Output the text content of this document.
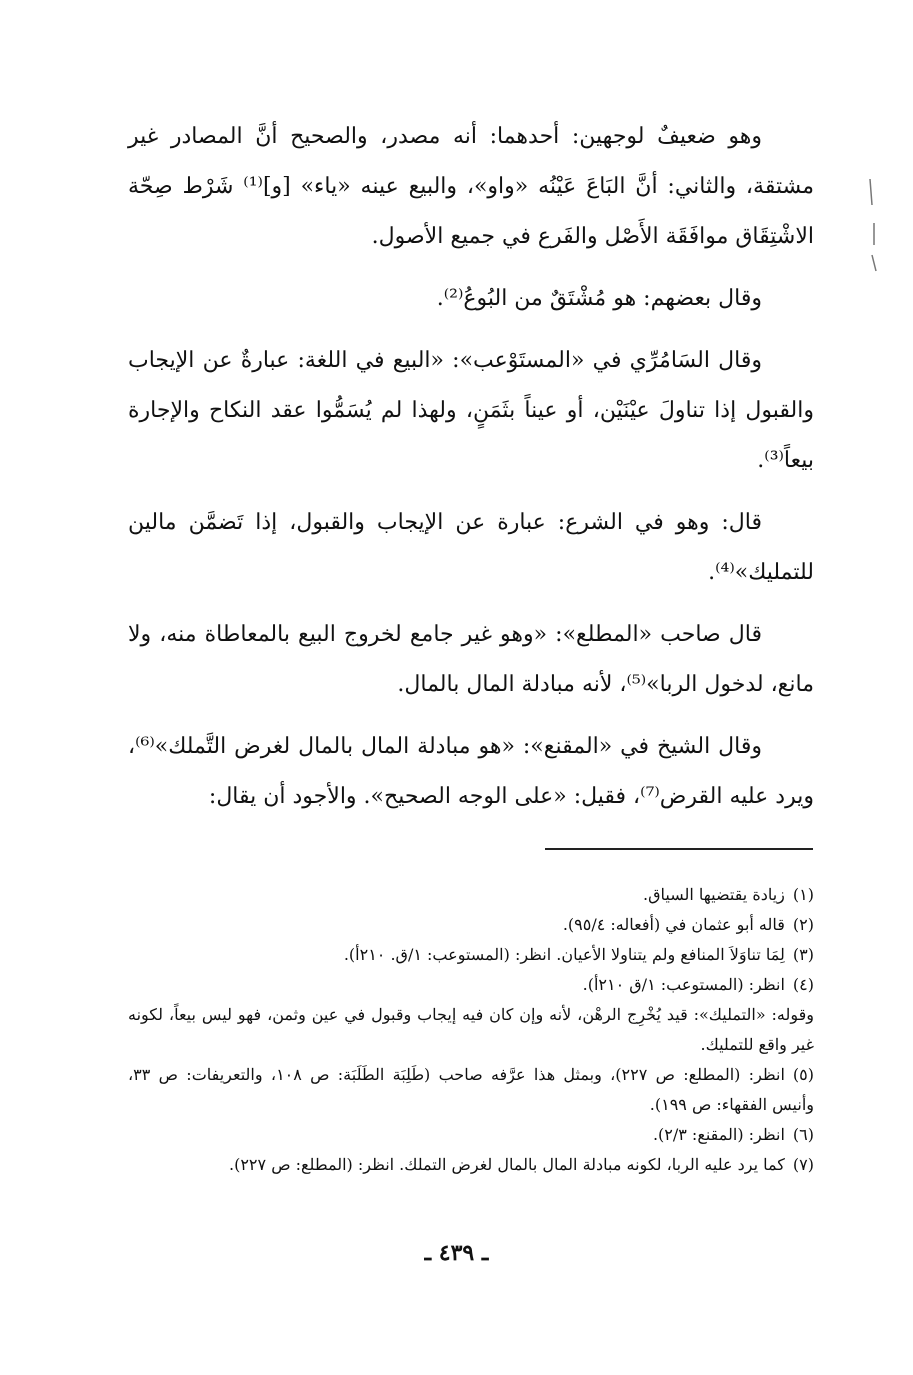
وهو ضعيفٌ لوجهين: أحدهما: أنه مصدر، والصحيح أنَّ المصادر غير مشتقة، والثاني: أنَّ البَاعَ عَيْنُه «واو»، والبيع عينه «ياء» [و]⁽¹⁾ شَرْط صِحّة الاشْتِقَاق موافَقَة الأَصْل والفَرع في جميع الأصول.

وقال بعضهم: هو مُشْتَقٌ من البُوعُ⁽²⁾.

وقال السَامُرِّي في «المستَوْعب»: «البيع في اللغة: عبارةٌ عن الإيجاب والقبول إذا تناولَ عيْنَيْن، أو عيناً بثَمَنٍ، ولهذا لم يُسَمُّوا عقد النكاح والإجارة بيعاً⁽³⁾.

قال: وهو في الشرع: عبارة عن الإيجاب والقبول، إذا تَضمَّن مالين للتمليك»⁽⁴⁾.

قال صاحب «المطلع»: «وهو غير جامع لخروج البيع بالمعاطاة منه، ولا مانع، لدخول الربا»⁽⁵⁾، لأنه مبادلة المال بالمال.

وقال الشيخ في «المقنع»: «هو مبادلة المال بالمال لغرض التَّملك»⁽⁶⁾، ويرد عليه القرض⁽⁷⁾، فقيل: «على الوجه الصحيح». والأجود أن يقال:

(١)زيادة يقتضيها السياق.

(٢)قاله أبو عثمان في (أفعاله: ٩٥/٤).

(٣)لِمَا تناوَلاَ المنافع ولم يتناولا الأعيان. انظر: (المستوعب: ١/ق. ٢١٠أ).

(٤)انظر: (المستوعب: ١/ق ٢١٠أ).

وقوله: «التمليك»: قيد يُخْرِج الرهْن، لأنه وإن كان فيه إيجاب وقبول في عين وثمن، فهو ليس بيعاً، لكونه غير واقع للتمليك.

(٥)انظر: (المطلع: ص ٢٢٧)، وبمثل هذا عرَّفه صاحب (طَلِبَة الطَلَبَة: ص ١٠٨، والتعريفات: ص ٣٣، وأنيس الفقهاء: ص ١٩٩).

(٦)انظر: (المقنع: ٢/٣).

(٧)كما يرد عليه الربا، لكونه مبادلة المال بالمال لغرض التملك. انظر: (المطلع: ص ٢٢٧).

ـ ٤٣٩ ـ
